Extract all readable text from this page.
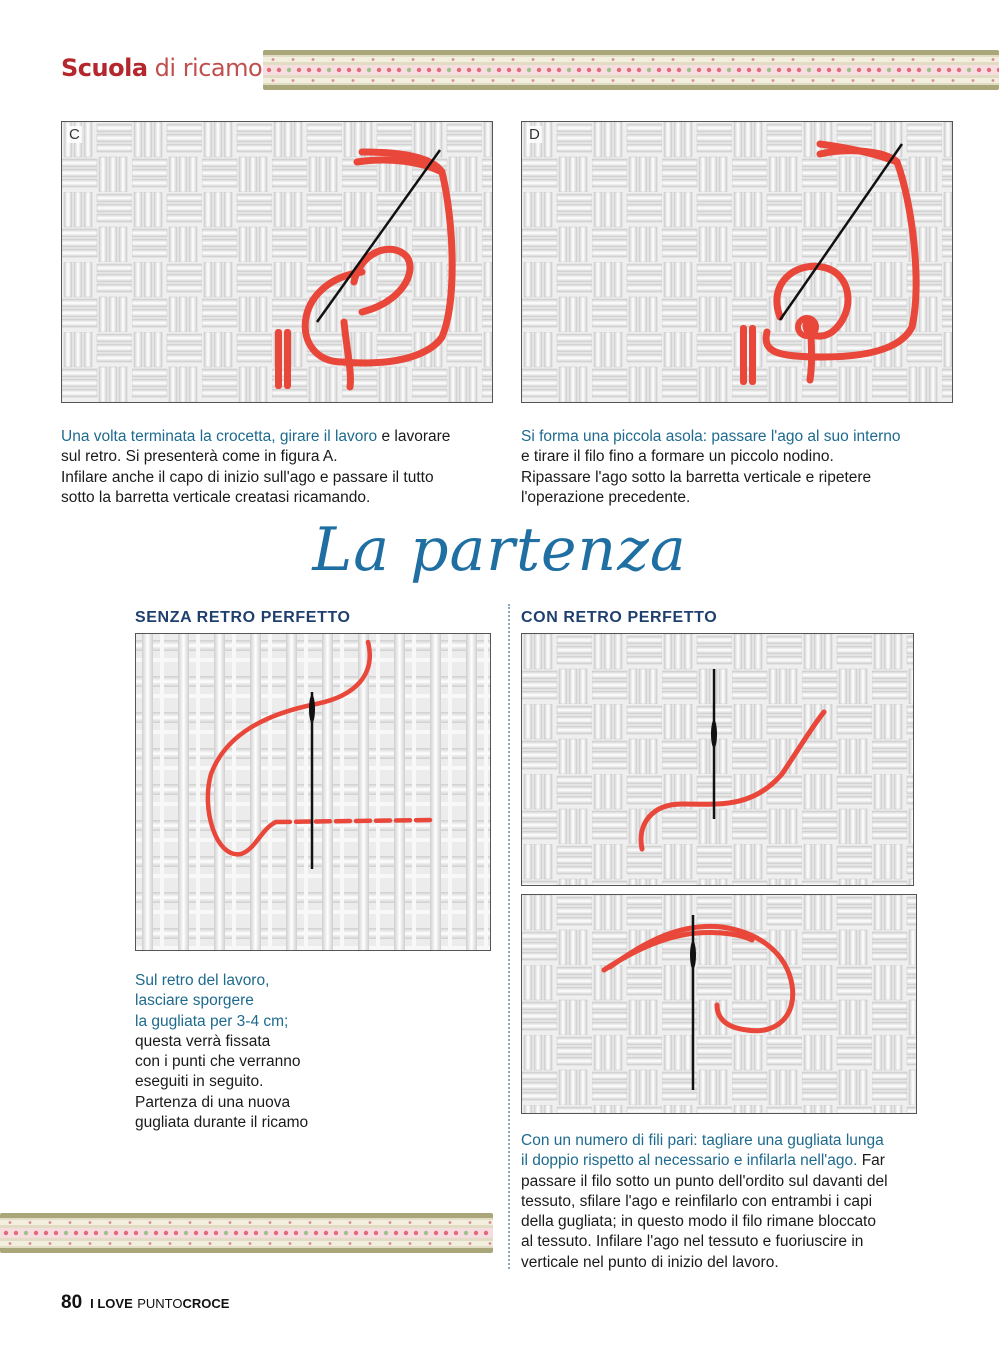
Scuola di ricamo
C	D
Una volta terminata la crocetta, girare il lavoro e lavorare
sul retro. Si presenterà come in figura A.
Infilare anche il capo di inizio sull'ago e passare il tutto
sotto la barretta verticale creatasi ricamando.
Si forma una piccola asola: passare l'ago al suo interno
e tirare il filo fino a formare un piccolo nodino.
Ripassare l'ago sotto la barretta verticale e ripetere
l'operazione precedente.
La partenza
SENZA RETRO PERFETTO
Sul retro del lavoro,
lasciare sporgere
la gugliata per 3-4 cm;
questa verrà fissata
con i punti che verranno
eseguiti in seguito.
Partenza di una nuova
gugliata durante il ricamo
CON RETRO PERFETTO
Con un numero di fili pari: tagliare una gugliata lunga
il doppio rispetto al necessario e infilarla nell'ago. Far
passare il filo sotto un punto dell'ordito sul davanti del
tessuto, sfilare l'ago e reinfilarlo con entrambi i capi
della gugliata; in questo modo il filo rimane bloccato
al tessuto. Infilare l'ago nel tessuto e fuoriuscire in
verticale nel punto di inizio del lavoro.
80 I LOVE PUNTOCROCE
